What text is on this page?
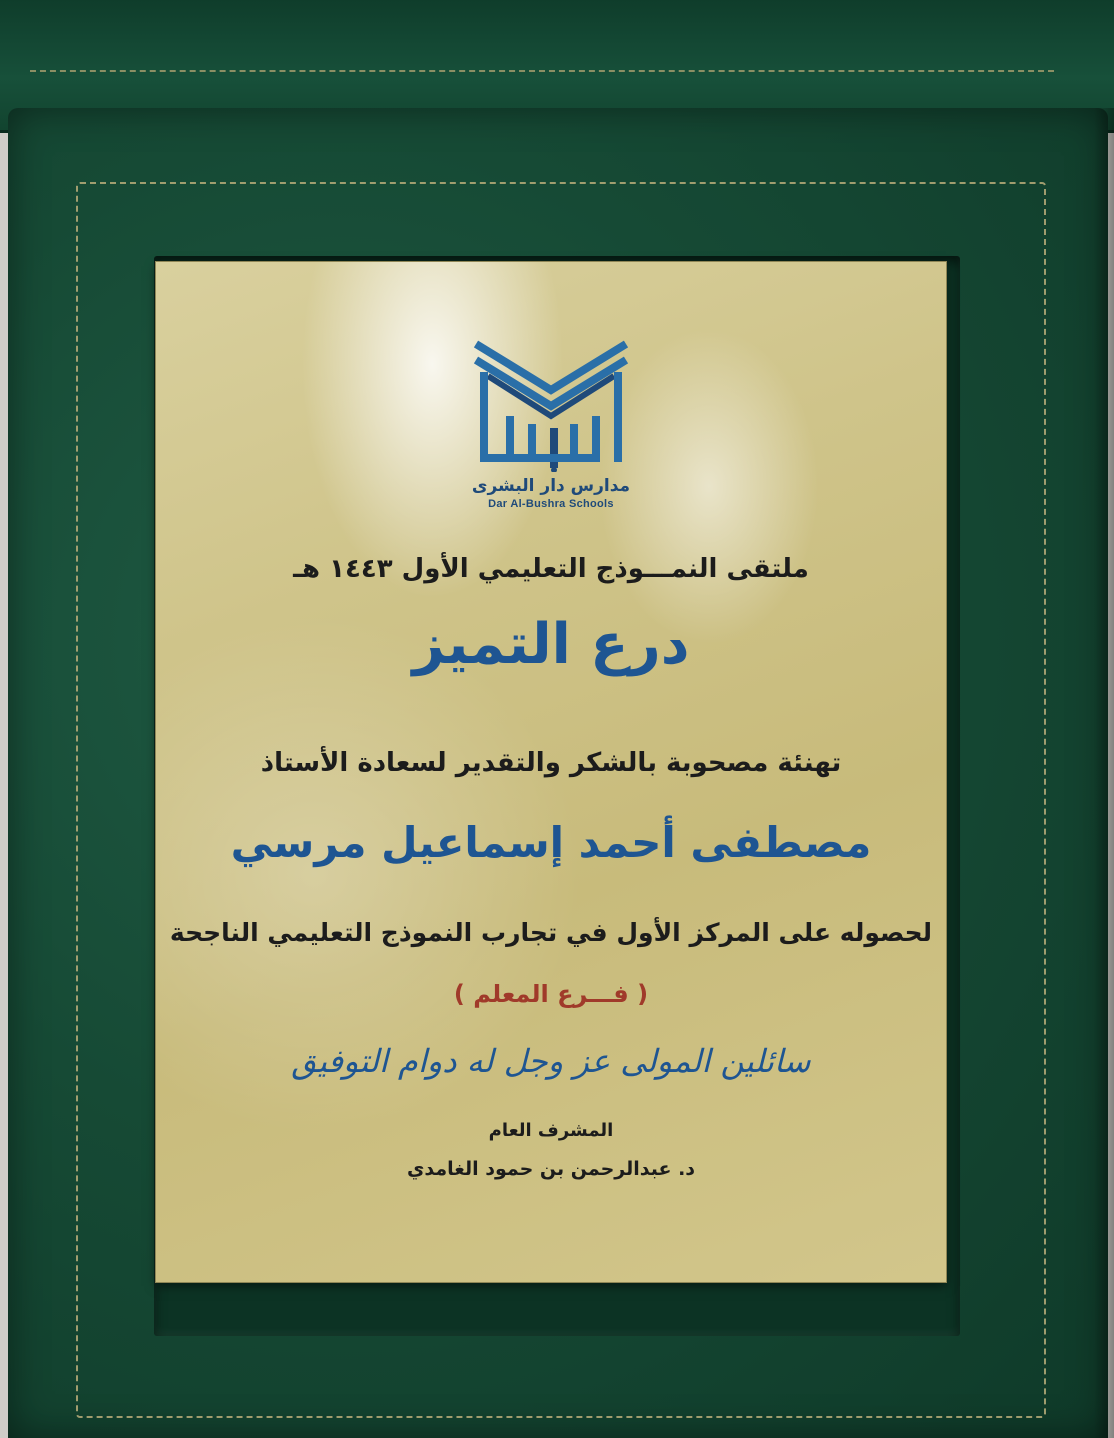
مدارس دار البشرى
Dar Al-Bushra Schools
ملتقى النمـــوذج التعليمي الأول ١٤٤٣ هـ
درع التميز
تهنئة مصحوبة بالشكر والتقدير لسعادة الأستاذ
مصطفى أحمد إسماعيل مرسي
لحصوله على المركز الأول في تجارب النموذج التعليمي الناجحة
( فـــرع المعلم )
سائلين المولى عز وجل له دوام التوفيق
المشرف العام
د. عبدالرحمن بن حمود الغامدي
